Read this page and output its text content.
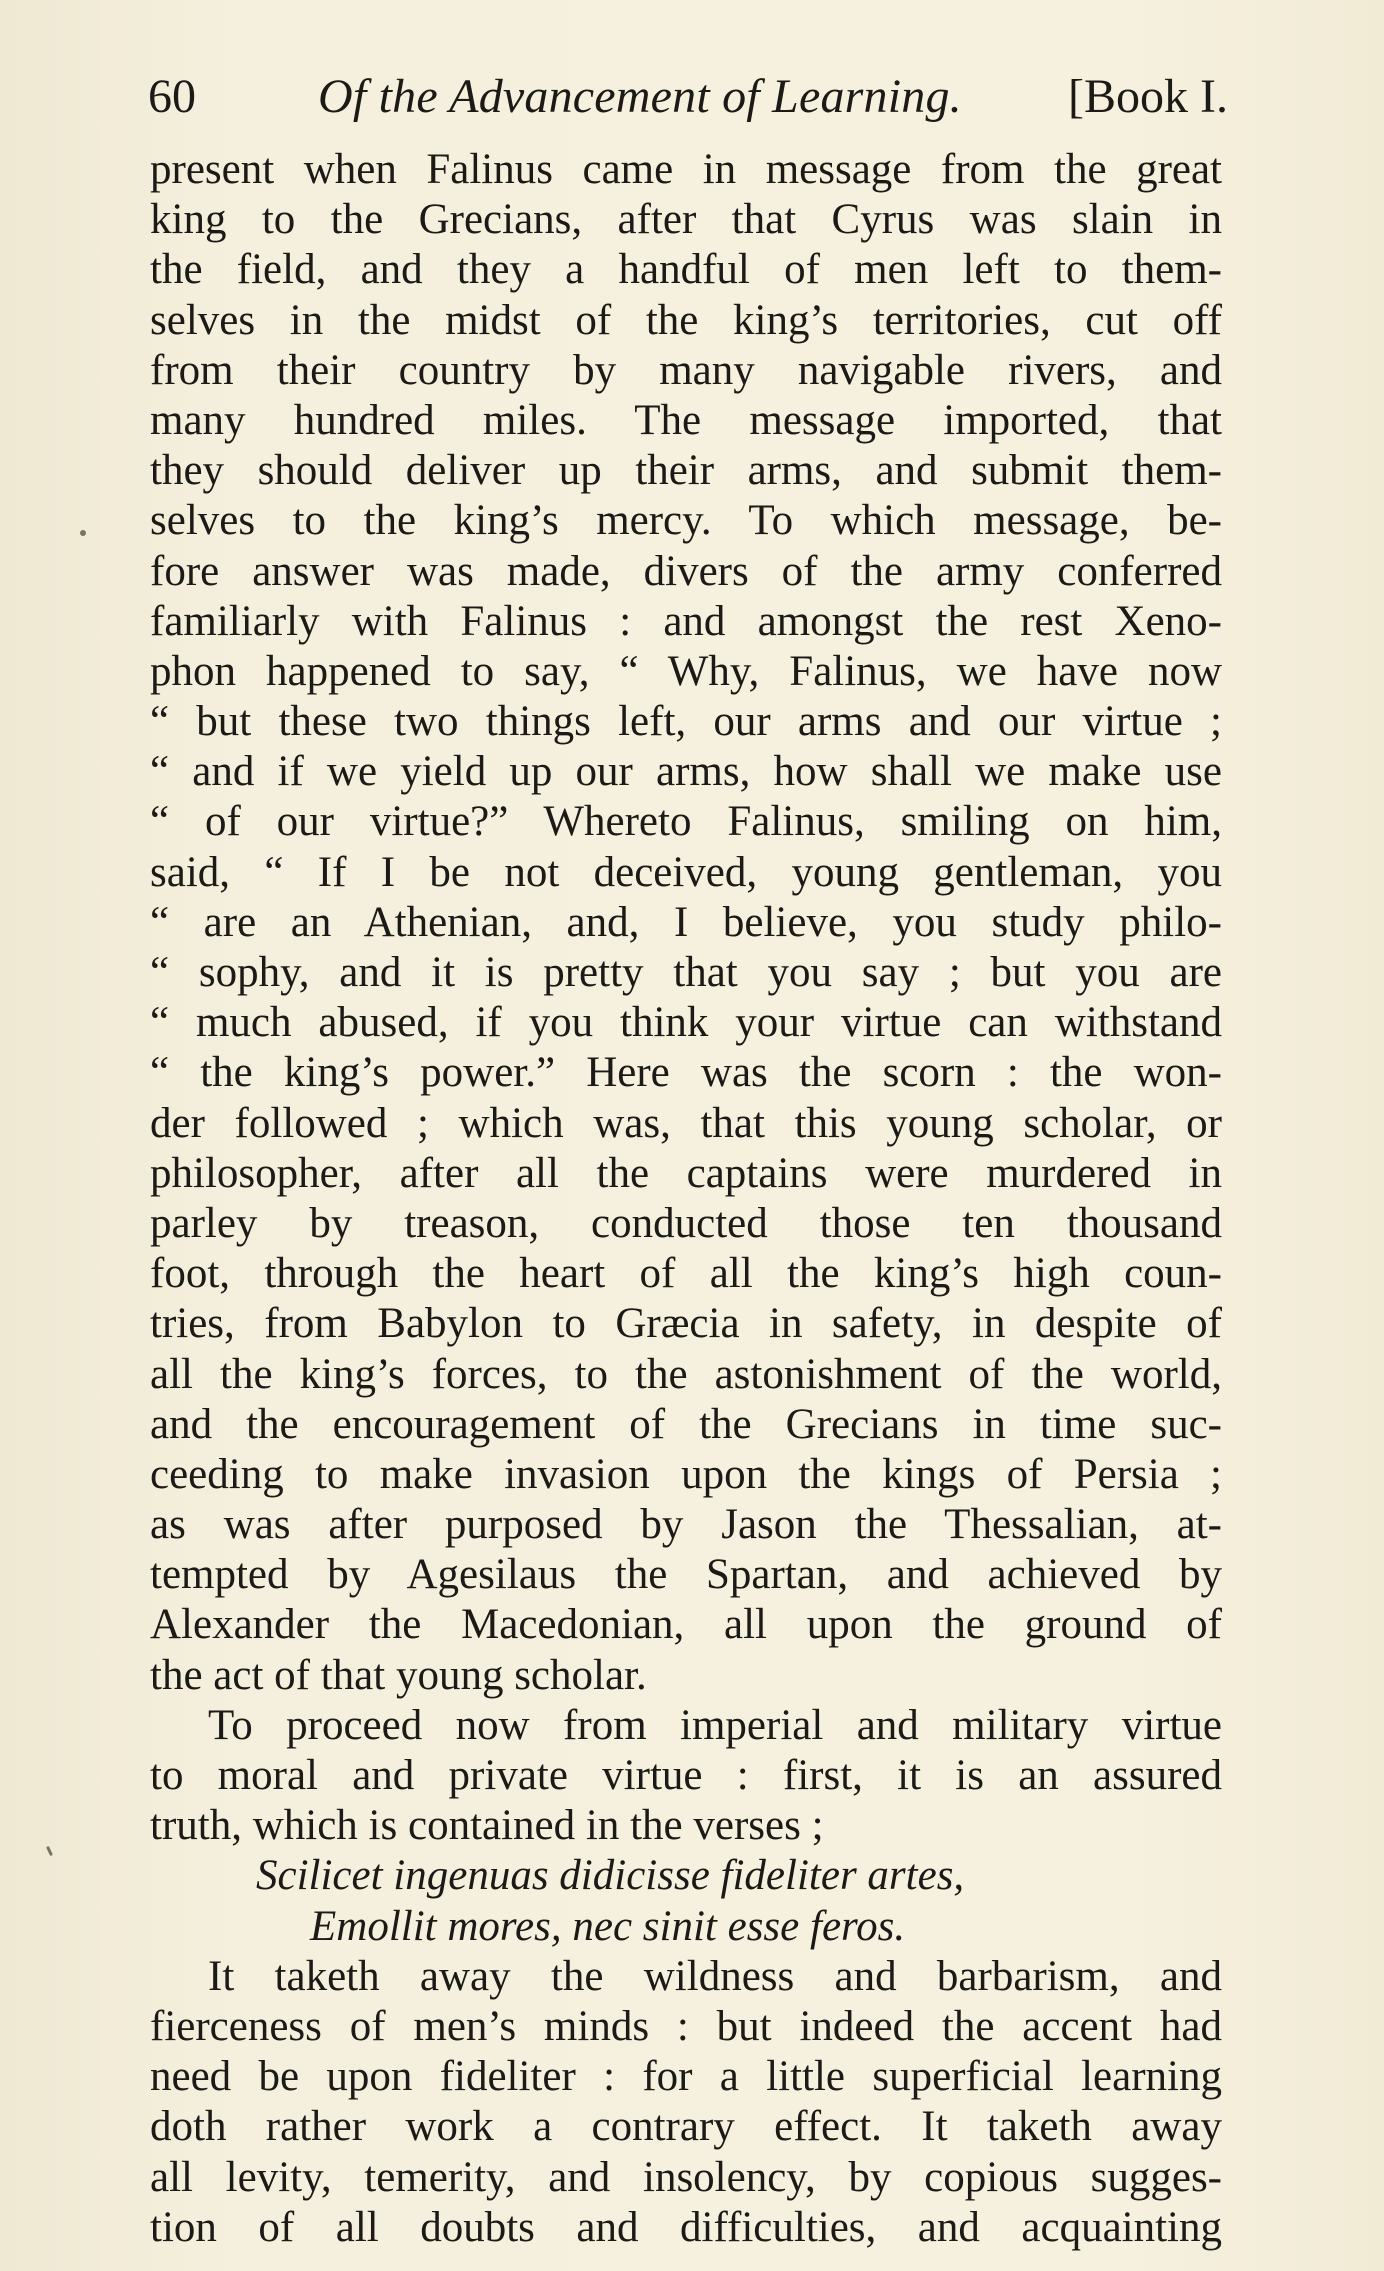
60	Of the Advancement of Learning. [Book I.
present when Falinus came in message from the great
king to the Grecians, after that Cyrus was slain in
the field, and they a handful of men left to them-
selves in the midst of the king’s territories, cut off
from their country by many navigable rivers, and
many hundred miles. The message imported, that
they should deliver up their arms, and submit them-
selves to the king’s mercy. To which message, be-
fore answer was made, divers of the army conferred
familiarly with Falinus : and amongst the rest Xeno-
phon happened to say, “ Why, Falinus, we have now
“ but these two things left, our arms and our virtue ;
“ and if we yield up our arms, how shall we make use
“ of our virtue?” Whereto Falinus, smiling on him,
said, “ If I be not deceived, young gentleman, you
“ are an Athenian, and, I believe, you study philo-
“ sophy, and it is pretty that you say ; but you are
“ much abused, if you think your virtue can withstand
“ the king’s power.” Here was the scorn : the won-
der followed ; which was, that this young scholar, or
philosopher, after all the captains were murdered in
parley by treason, conducted those ten thousand
foot, through the heart of all the king’s high coun-
tries, from Babylon to Græcia in safety, in despite of
all the king’s forces, to the astonishment of the world,
and the encouragement of the Grecians in time suc-
ceeding to make invasion upon the kings of Persia ;
as was after purposed by Jason the Thessalian, at-
tempted by Agesilaus the Spartan, and achieved by
Alexander the Macedonian, all upon the ground of
the act of that young scholar.
To proceed now from imperial and military virtue
to moral and private virtue : first, it is an assured
truth, which is contained in the verses ;
Scilicet ingenuas didicisse fideliter artes,
Emollit mores, nec sinit esse feros.
It taketh away the wildness and barbarism, and
fierceness of men’s minds : but indeed the accent had
need be upon fideliter : for a little superficial learning
doth rather work a contrary effect. It taketh away
all levity, temerity, and insolency, by copious sugges-
tion of all doubts and difficulties, and acquainting
